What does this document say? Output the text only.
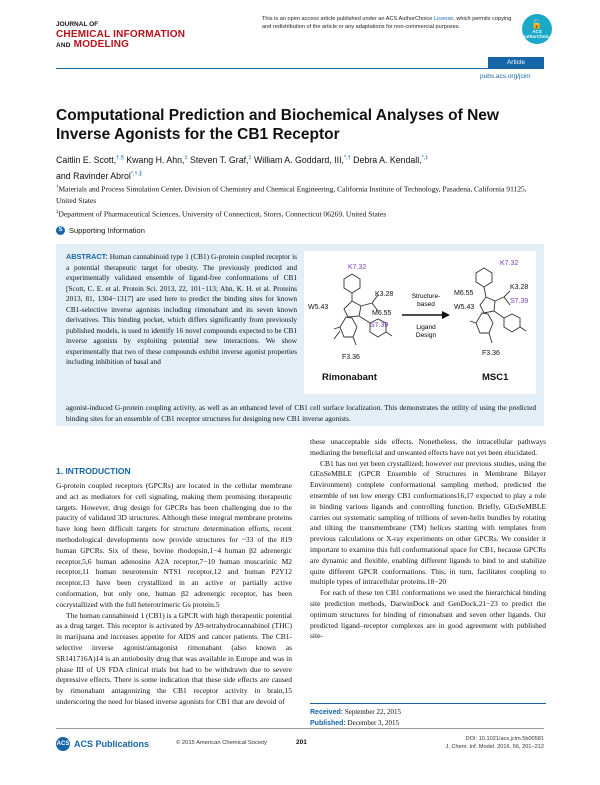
JOURNAL OF
CHEMICAL INFORMATION
AND MODELING
This is an open access article published under an ACS AuthorChoice License, which permits copying and redistribution of the article or any adaptations for non-commercial purposes.	🔓
ACS
AuthorChoice
Article
pubs.acs.org/jcim
Computational Prediction and Biochemical Analyses of New Inverse Agonists for the CB1 Receptor
Caitlin E. Scott,†,§ Kwang H. Ahn,‡ Steven T. Graf,‡ William A. Goddard, III,*,† Debra A. Kendall,*,‡
and Ravinder Abrol*,†,∥
†Materials and Process Simulation Center, Division of Chemistry and Chemical Engineering, California Institute of Technology, Pasadena, California 91125, United States
‡Department of Pharmaceutical Sciences, University of Connecticut, Storrs, Connecticut 06269, United States
S Supporting Information
ABSTRACT: Human cannabinoid type 1 (CB1) G-protein coupled receptor is a potential therapeutic target for obesity. The previously predicted and experimentally validated ensemble of ligand-free conformations of CB1 [Scott, C. E. et al. Protein Sci. 2013, 22, 101−113; Ahn, K. H. et al. Proteins 2013, 81, 1304−1317] are used here to predict the binding sites for known CB1-selective inverse agonists including rimonabant and its seven known derivatives. This binding pocket, which differs significantly from previously published models, is used to identify 16 novel compounds expected to be CB1 inverse agonists by exploiting potential new interactions. We show experimentally that two of these compounds exhibit inverse agonist properties including inhibition of basal and
agonist-induced G-protein coupling activity, as well as an enhanced level of CB1 cell surface localization. This demonstrates the utility of using the predicted binding sites for an ensemble of CB1 receptor structures for designing new CB1 inverse agonists.
K7.32
K3.28
W5.43
M6.55
S7.39
F3.36
Rimonabant
Structure-
based
Ligand
Design
K7.32
K3.28
M6.55
W5.43
S7.39
F3.36
MSC1
1. INTRODUCTION

G-protein coupled receptors (GPCRs) are located in the cellular membrane and act as mediators for cell signaling, making them promising therapeutic targets. However, drug design for GPCRs has been challenging due to the paucity of validated 3D structures. Although these integral membrane proteins have long been difficult targets for structure determination efforts, recent methodological developments now provide structures for ~33 of the 819 human GPCRs. Six of these, bovine rhodopsin,1−4 human β2 adrenergic receptor,5,6 human adenosine A2A receptor,7−10 human muscarinic M2 receptor,11 human neurotensin NTS1 receptor,12 and human P2Y12 receptor,13 have been crystallized in an active or partially active conformation, but only one, human β2 adrenergic receptor, has been cocrystallized with the full heterotrimeric Gs protein.5

The human cannabinoid 1 (CB1) is a GPCR with high therapeutic potential as a drug target. This receptor is activated by Δ9-tetrahydrocannabinol (THC) in marijuana and increases appetite for AIDS and cancer patients. The CB1-selective inverse agonist/antagonist rimonabant (also known as SR141716A)14 is an antiobesity drug that was available in Europe and was in phase III of US FDA clinical trials but had to be withdrawn due to severe depressive effects. There is some indication that these side effects are caused by rimonabant antagonizing the CB1 receptor activity in brain,15 underscoring the need for biased inverse agonists for CB1 that are devoid of

these unacceptable side effects. Nonetheless, the intracellular pathways mediating the beneficial and unwanted effects have not yet been elucidated.

CB1 has not yet been crystallized; however our previous studies, using the GEnSeMBLE (GPCR Ensemble of Structures in Membrane Bilayer Environment) complete conformational sampling method, predicted the ensemble of ten low energy CB1 conformations16,17 expected to play a role in binding various ligands and controlling function. Briefly, GEnSeMBLE carries out systematic sampling of trillions of seven-helix bundles by rotating and tilting the transmembrane (TM) helices starting with templates from previous calculations or X-ray experiments on other GPCRs. We consider it important to examine this full conformational space for CB1, because GPCRs are dynamic and flexible, enabling different ligands to bind to and stabilize quite different GPCR conformations. This, in turn, facilitates coupling to multiple types of intracellular proteins.18−20

For each of these ten CB1 conformations we used the hierarchical binding site prediction methods, DarwinDock and GenDock,21−23 to predict the optimum structures for binding of rimonabant and seven other ligands. Our predicted ligand–receptor complexes are in good agreement with published site-

Received: September 22, 2015
Published: December 3, 2015
ACS ACS Publications	© 2015 American Chemical Society	201	DOI: 10.1021/acs.jcim.5b00581
J. Chem. Inf. Model. 2016, 56, 201−212
